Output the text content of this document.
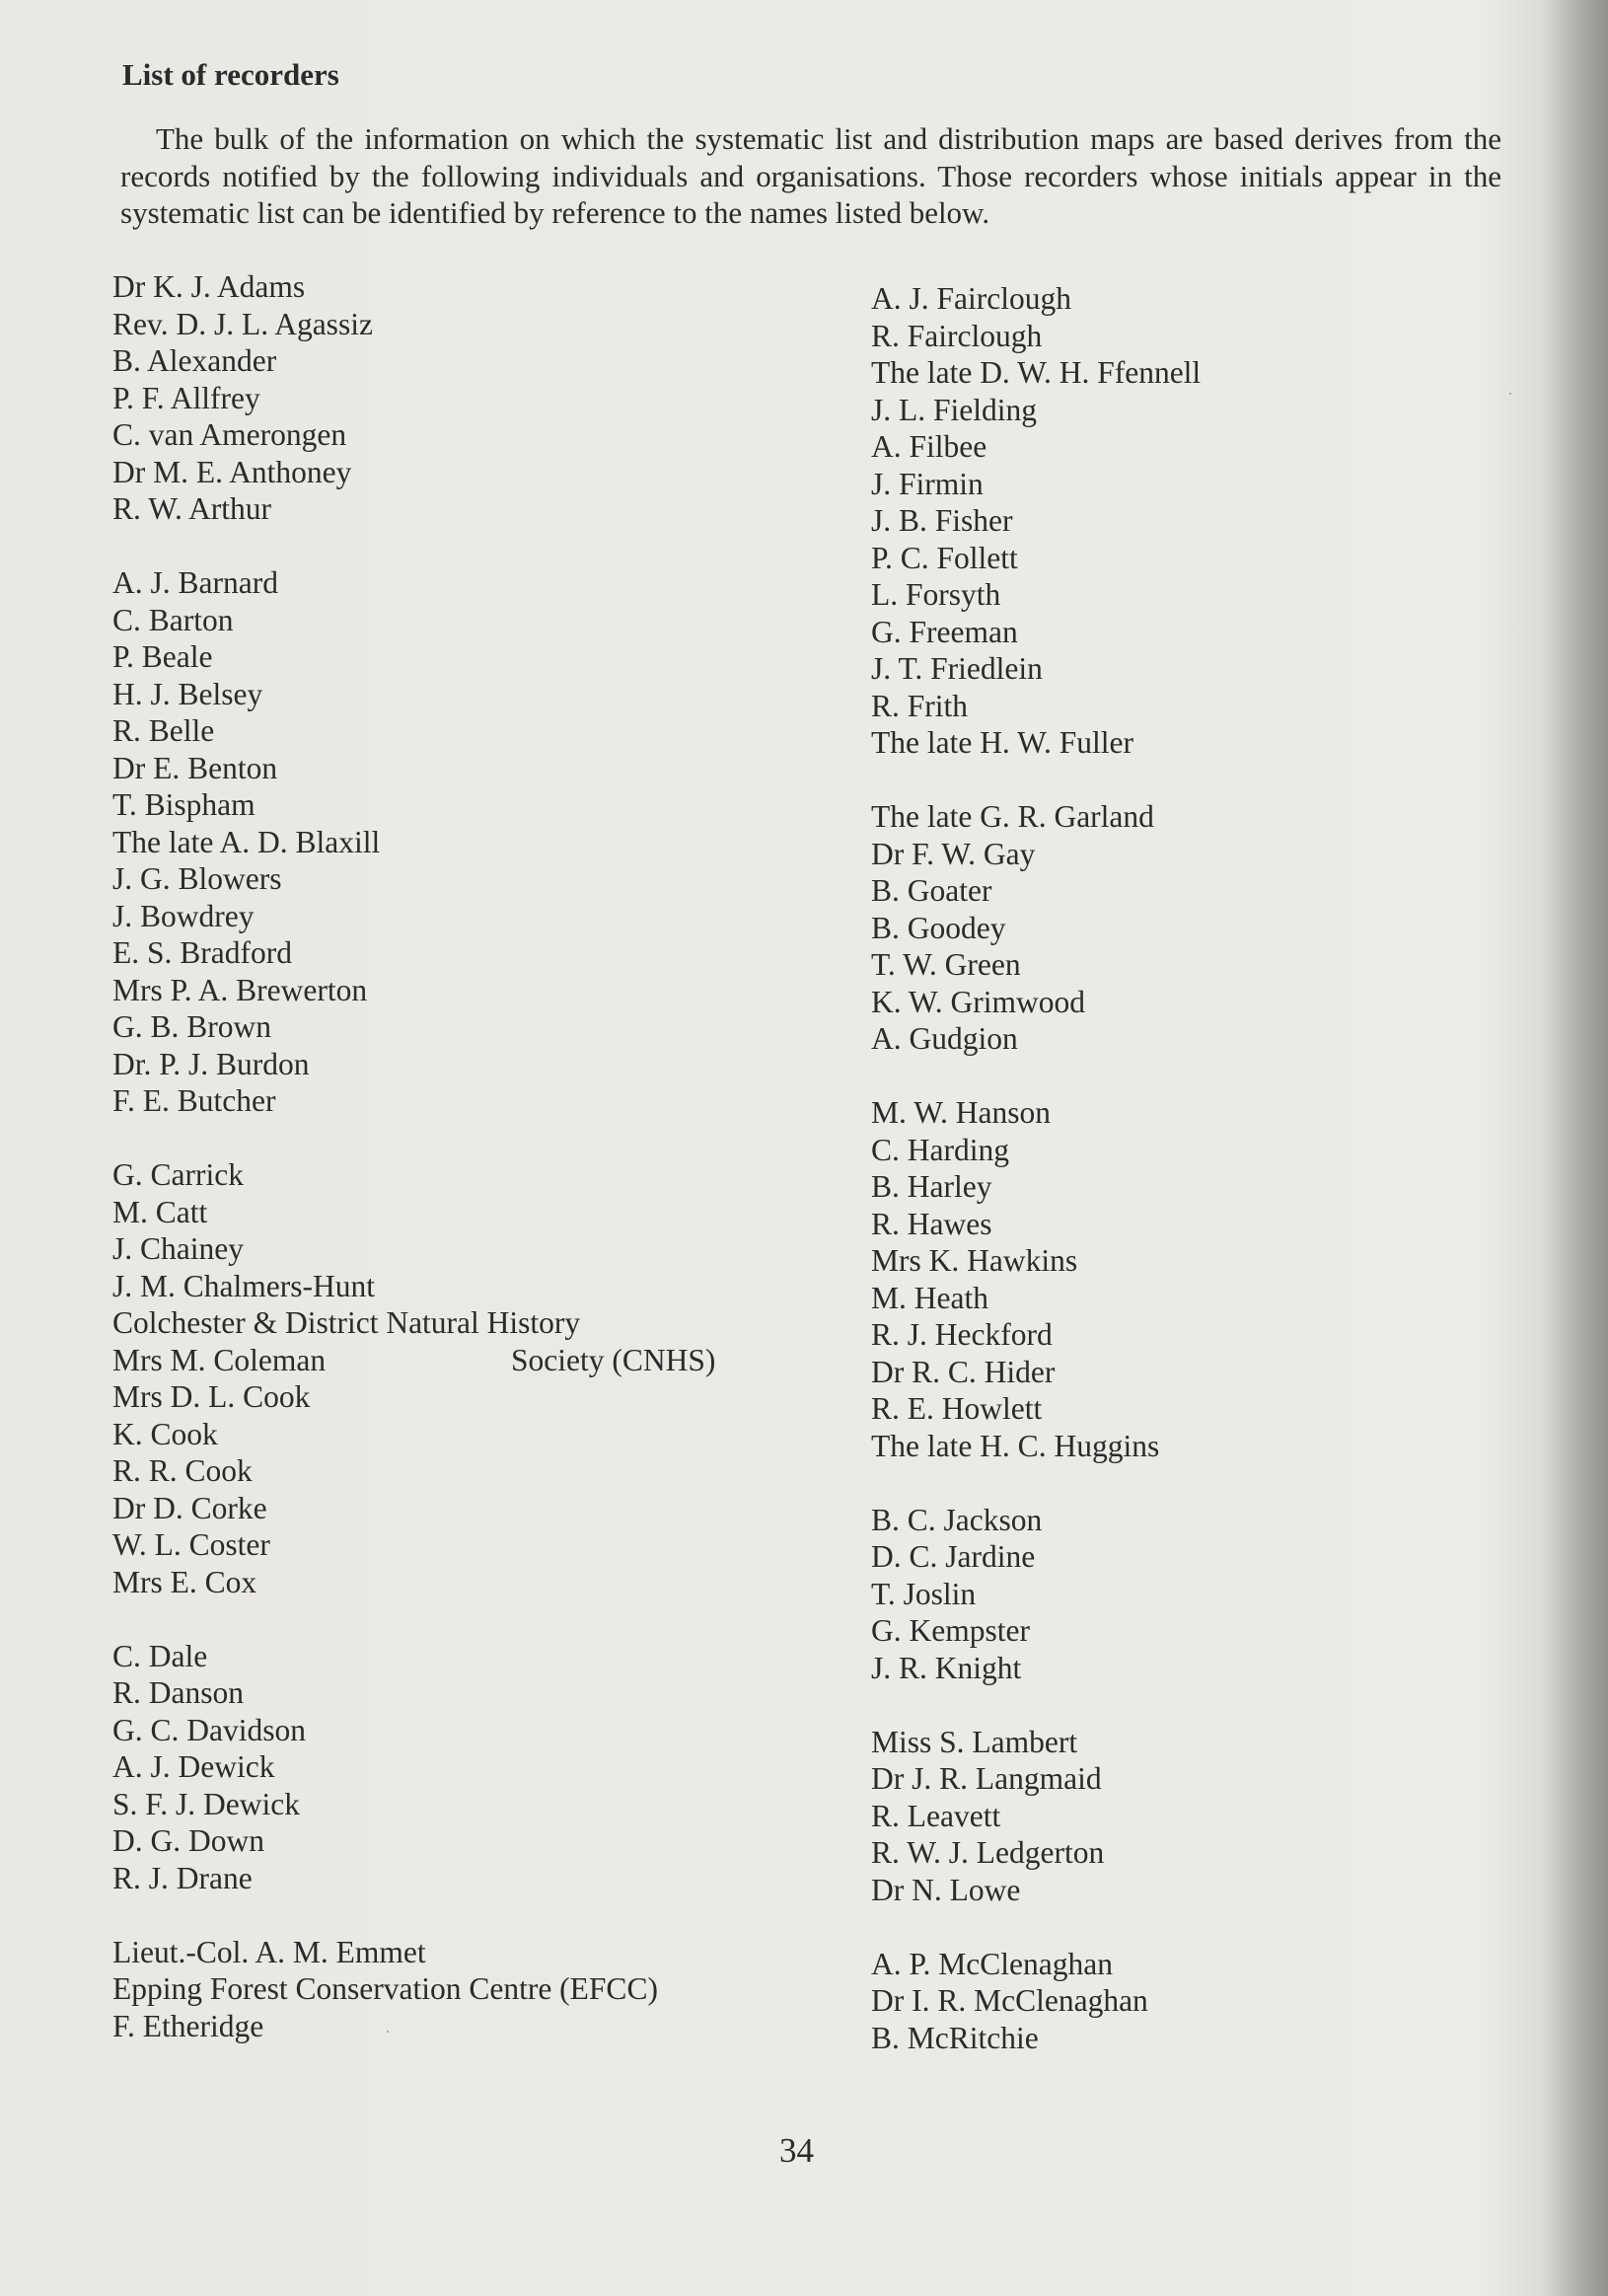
List of recorders

The bulk of the information on which the systematic list and distribution maps are based derives from the records notified by the following individuals and organisations. Those recorders whose initials appear in the systematic list can be identified by reference to the names listed below.

Dr K. J. Adams
Rev. D. J. L. Agassiz
B. Alexander
P. F. Allfrey
C. van Amerongen
Dr M. E. Anthoney
R. W. Arthur
A. J. Barnard
C. Barton
P. Beale
H. J. Belsey
R. Belle
Dr E. Benton
T. Bispham
The late A. D. Blaxill
J. G. Blowers
J. Bowdrey
E. S. Bradford
Mrs P. A. Brewerton
G. B. Brown
Dr. P. J. Burdon
F. E. Butcher
G. Carrick
M. Catt
J. Chainey
J. M. Chalmers-Hunt
Colchester & District Natural History
Mrs M. Coleman	Society (CNHS)
Mrs D. L. Cook
K. Cook
R. R. Cook
Dr D. Corke
W. L. Coster
Mrs E. Cox
C. Dale
R. Danson
G. C. Davidson
A. J. Dewick
S. F. J. Dewick
D. G. Down
R. J. Drane
Lieut.-Col. A. M. Emmet
Epping Forest Conservation Centre (EFCC)
F. Etheridge
A. J. Fairclough
R. Fairclough
The late D. W. H. Ffennell
J. L. Fielding
A. Filbee
J. Firmin
J. B. Fisher
P. C. Follett
L. Forsyth
G. Freeman
J. T. Friedlein
R. Frith
The late H. W. Fuller
The late G. R. Garland
Dr F. W. Gay
B. Goater
B. Goodey
T. W. Green
K. W. Grimwood
A. Gudgion
M. W. Hanson
C. Harding
B. Harley
R. Hawes
Mrs K. Hawkins
M. Heath
R. J. Heckford
Dr R. C. Hider
R. E. Howlett
The late H. C. Huggins
B. C. Jackson
D. C. Jardine
T. Joslin
G. Kempster
J. R. Knight
Miss S. Lambert
Dr J. R. Langmaid
R. Leavett
R. W. J. Ledgerton
Dr N. Lowe
A. P. McClenaghan
Dr I. R. McClenaghan
B. McRitchie
34
